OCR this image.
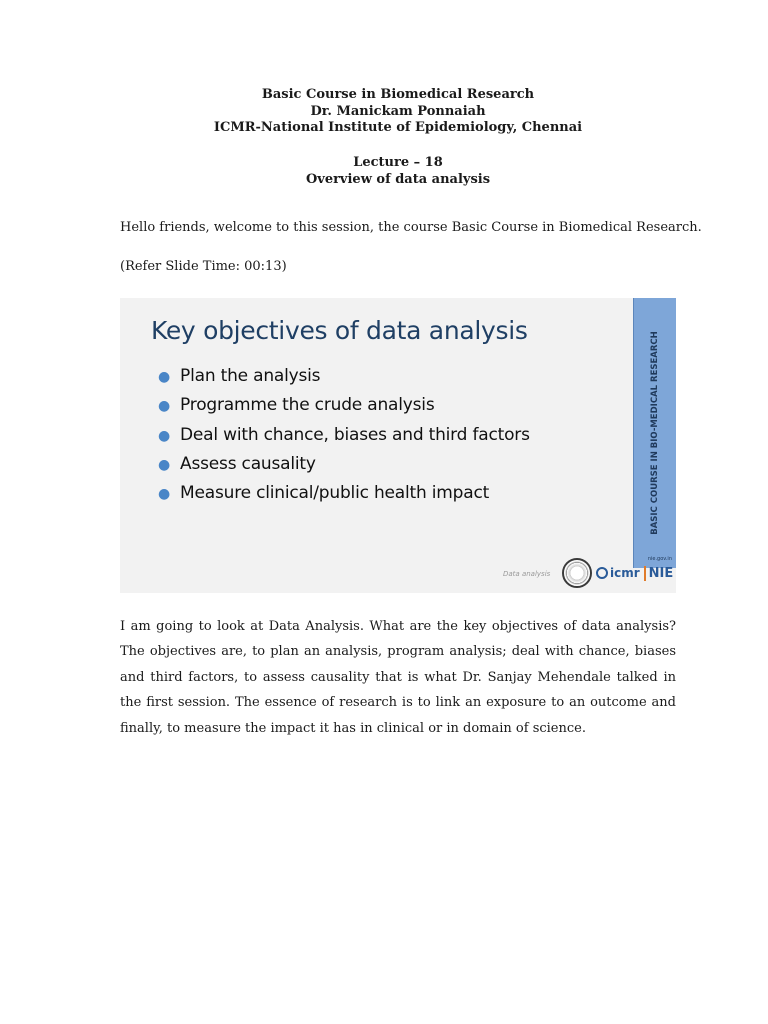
Basic Course in Biomedical Research
Dr. Manickam Ponnaiah
ICMR-National Institute of Epidemiology, Chennai
Lecture – 18
Overview of data analysis
Hello friends, welcome to this session, the course Basic Course in Biomedical Research.
(Refer Slide Time: 00:13)
Key objectives of data analysis
● Plan the analysis
● Programme the crude analysis
● Deal with chance, biases and third factors
● Assess causality
● Measure clinical/public health impact	BASIC COURSE IN BIO-MEDICAL RESEARCH
nie.gov.in
Data analysis	icmr NIE
I am going to look at Data Analysis. What are the key objectives of data analysis? The objectives are, to plan an analysis, program analysis; deal with chance, biases and third factors, to assess causality that is what Dr. Sanjay Mehendale talked in the first session. The essence of research is to link an exposure to an outcome and finally, to measure the impact it has in clinical or in domain of science.
